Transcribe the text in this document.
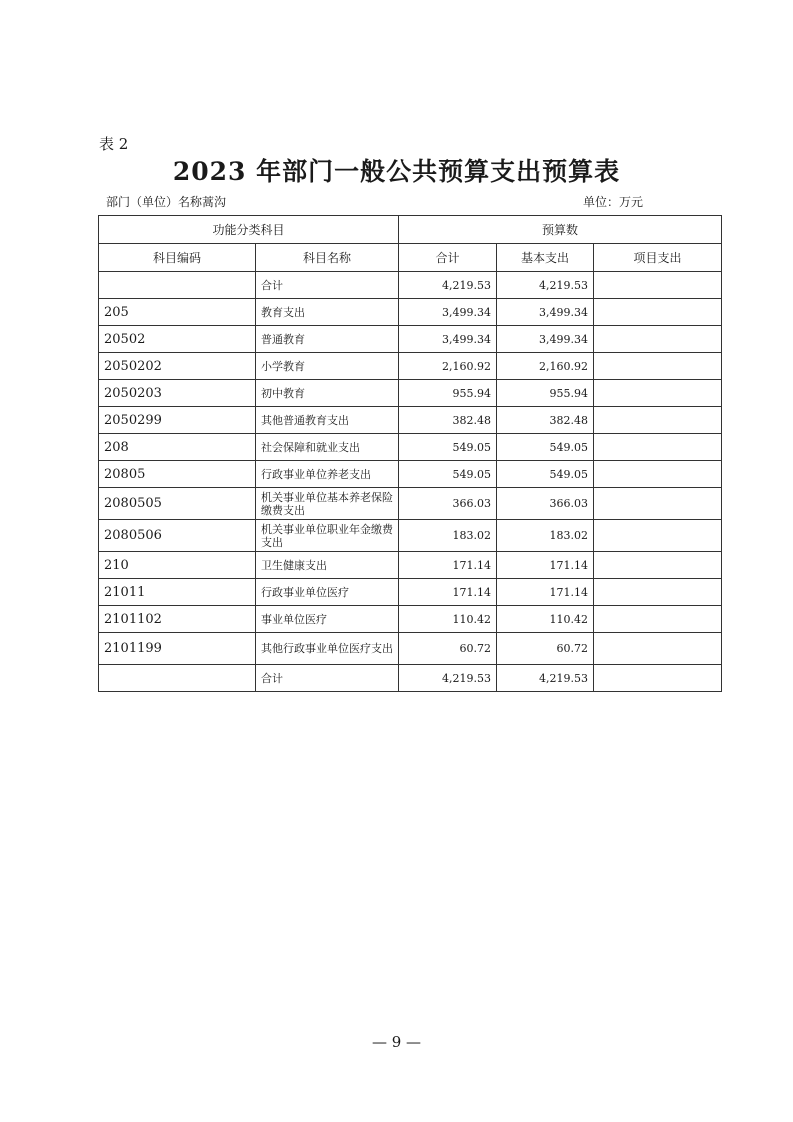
表 2
2023 年部门一般公共预算支出预算表
部门（单位）名称蒿沟	单位：万元
功能分类科目		预算数		
科目编码	科目名称	合计	基本支出	项目支出
	合计	4,219.53	4,219.53	
205	教育支出	3,499.34	3,499.34	
20502	普通教育	3,499.34	3,499.34	
2050202	小学教育	2,160.92	2,160.92	
2050203	初中教育	955.94	955.94	
2050299	其他普通教育支出	382.48	382.48	
208	社会保障和就业支出	549.05	549.05	
20805	行政事业单位养老支出	549.05	549.05	
2080505	机关事业单位基本养老保险缴费支出	366.03	366.03	
2080506	机关事业单位职业年金缴费支出	183.02	183.02	
210	卫生健康支出	171.14	171.14	
21011	行政事业单位医疗	171.14	171.14	
2101102	事业单位医疗	110.42	110.42	
2101199	其他行政事业单位医疗支出	60.72	60.72	
	合计	4,219.53	4,219.53	
— 9 —
